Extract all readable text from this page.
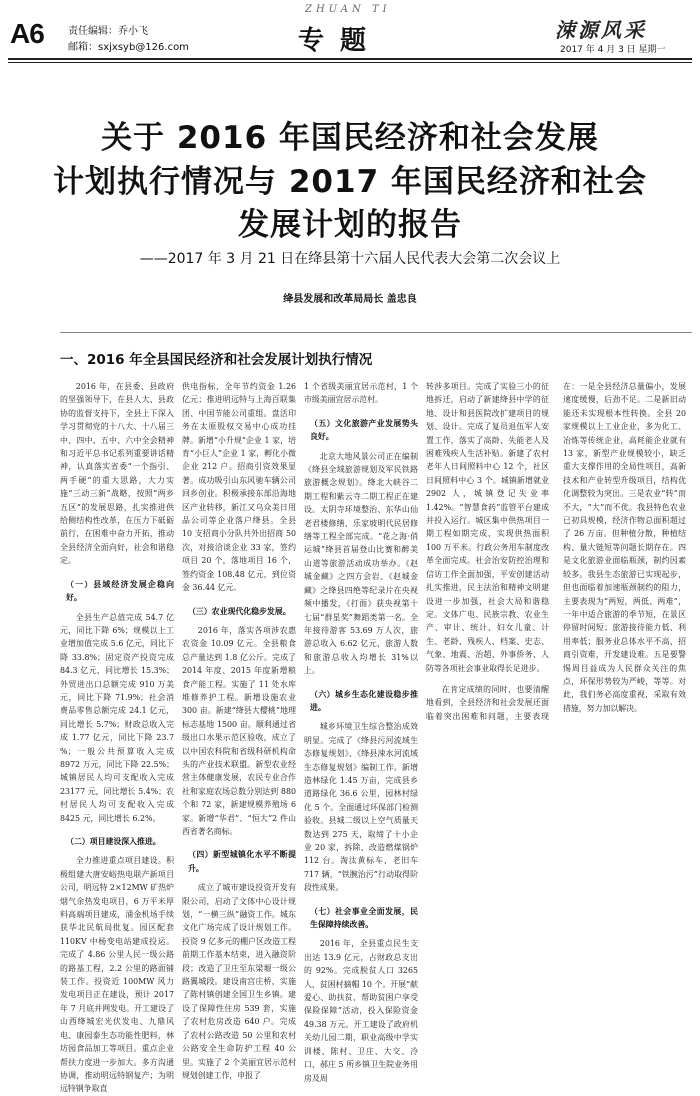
A6 责任编辑：乔小飞
邮箱：sxjxsyb@126.com
ZHUAN TI
专题	涑源风采
2017 年 4 月 3 日 星期一
关于 2016 年国民经济和社会发展
计划执行情况与 2017 年国民经济和社会
发展计划的报告
——2017 年 3 月 21 日在绛县第十六届人民代表大会第二次会议上
绛县发展和改革局局长 盖忠良
一、2016 年全县国民经济和社会发展计划执行情况

2016 年，在县委、县政府的坚强领导下，在县人大、县政协的监督支持下，全县上下深入学习贯彻党的十八大、十八届三中、四中、五中、六中全会精神和习近平总书记系列重要讲话精神，认真落实省委“一个指引、两手硬”的重大思路，大力实施“三动三新”战略，按照“两乡五区”的发展思路，扎实推进供给侧结构性改革，在压力下砥砺前行，在困难中奋力开拓，推动全县经济全面向好，社会和谐稳定。

（一）县域经济发展企稳向好。

全县生产总值完成 54.7 亿元，同比下降 6%；规模以上工业增加值完成 5.6 亿元，同比下降 33.8%；固定资产投资完成 84.3 亿元，同比增长 15.3%；外贸进出口总额完成 910 万美元，同比下降 71.9%；社会消费品零售总额完成 24.1 亿元，同比增长 5.7%；财政总收入完成 1.77 亿元，同比下降 23.7 %；一般公共预算收入完成 8972 万元，同比下降 22.5%；城镇居民人均可支配收入完成 23177 元，同比增长 5.4%；农村居民人均可支配收入完成 8425 元，同比增长 6.2%。

（二）项目建设深入推进。

全力推进重点项目建设。积极组建大唐安峪热电联产新项目公司，明远特 2×12MW 矿热炉烟气余热发电项目，6 万平米厚料高端项目建成，涌金机场手续获华北民航局批复。园区配套 110KV 中杨变电站建成投运。完成了 4.86 公里人民一级公路的路基工程，2.2 公里的路面铺装工作。投资近 100MW 风力发电项目正在建设，预计 2017 年 7 月底并网发电。开工建设了山西绛城宏光伏发电、九鼎风电、康园泰生态功能性肥料，林坊园食品加工等项目。重点企业帮扶力度进一步加大。多方沟通协调，推动明远特钢复产；为明远特钢争取直

供电指标，全年节约资金 1.26 亿元；推进明远特与上海百联集团、中国节能公司重组。盘活印务在太原股权交易中心成功挂牌。新增“小升规”企业 1 家，培育“小巨人”企业 1 家，孵化小微企业 212 户。招商引资效果显著。成功吸引山东风驰车辆公司回乡创业。积极承接东部沿海地区产业转移，新江又乌众美日用品公司等企业落户绛县。全县 10 支招商小分队共外出招商 50 次，对接洽谈企业 33 家，签约项目 20 个，落地项目 16 个，签约资金 108.48 亿元，到位资金 36.44 亿元。

（三）农业现代化稳步发展。

2016 年，落实各项涉农惠农资金 10.09 亿元。全县粮食总产量达到 1.8 亿公斤。完成了 2014 年度、2015 年度新增粮食产能工程。实施了 11 处水库堆修养护工程。新增设施农业 300 亩。新建“绛县大樱桃”地理标志基地 1500 亩。顺利通过省级出口水果示范区验收，成立了以中国农科院和省级科研机构命头的产业技术联盟。新型农业经营主体健康发展，农民专业合作社和家庭农场总数分别达到 880 个和 72 家，新建规模养殖场 6 家。新增“华君”、“恒大”2 件山西省著名商标。

（四）新型城镇化水平不断提升。

成立了城市建设投资开发有限公司，启动了文体中心设计规划，“一横三纵”融资工作。城东文化广场完成了设计规划工作。投资 9 亿多元的棚户区改造工程前期工作基本结束，进入融资阶段；改造了卫庄至东梁塬一级公路翼城段。建设南宫庄桥，实施了陈村镇创建全国卫生乡镇。建设了保障性住房 539 套，实施了农村危房改造 640 户。完成了农村公路改造 50 公里和农村公路安全生命防护工程 40 公里。实施了 2 个美丽宜居示范村规划创建工作，申报了

1 个省级美丽宜居示范村，1 个市级美丽宜居示范村。

（五）文化旅游产业发展势头良好。

北京大地风景公司正在编制《绛县全域旅游规划及军民铁路旅游概念规划》。绛北大峡谷二期工程和紫云寺二期工程正在建设。太阴寺环境整治、东华山仙老君楼修缮、乐家坡明代民居修缮等工程全部完成。“花之海·俏运城”绛县首届登山比赛和醉美山道等旅游活动成功举办。《赵城金藏》之四方会岩、《赵城金藏》之绛县四绝等纪录片在央视频中播发，《打面》获央视第十七届“群星奖”舞蹈类第一名。全年接待游客 53.69 万人次，旅游总收入 6.62 亿元，旅游人数和旅游总收入均增长 31%以上。

（六）城乡生态化建设稳步推进。

城乡环境卫生综合整治成效明显。完成了《绛县污河流域生态修复规划》、《绛县涑水河流域生态修复规划》编制工作。新增造林绿化 1.45 万亩，完成县乡道路绿化 36.6 公里，园林村绿化 5 个。全面通过环保部门检测验收。县城二级以上空气质量天数达到 275 天，取缔了十小企业 20 家，拆除、改造燃煤锅炉 112 台。淘汰黄标车、老旧车 717 辆，“铁腕治污”行动取得阶段性成果。

（七）社会事业全面发展，民生保障持续改善。

2016 年，全县重点民生支出达 13.9 亿元，占财政总支出的 92%。完成脱贫人口 3265 人，贫困村摘帽 10 个。开展“献爱心、助扶贫，帮助贫困户享受保险保障”活动，投入保险资金 49.38 万元。开工建设了政府机关幼儿园二期，职业高级中学实训楼、陈村、卫庄、大交、冷口，郝庄 5 所乡镇卫生院业务用房及周

转涉多项目。完成了实验三小的征地拆迁，启动了新建绛县中学的征地、设计和县医院改扩建项目的规划、设计。完成了复员退伍军人安置工作，落实了高龄、失能老人及困难残疾人生活补贴。新建了农村老年人日间照料中心 12 个，社区日间照料中心 3 个。城镇新增就业 2902 人，城镇登记失业率 1.42%。“智慧食药”监管平台建成并投入运行。城区集中供热项目一期工程如期完成，实现供热面积 100 万平米。行政公务用车制度改革全面完成。社会治安防控治理和信访工作全面加强，平安创建活动扎实推进，民主法治和精神文明建设进一步加强，社会大局和谐稳定。文体广电、民族宗教、农业生产、审计、统计、妇女儿童、计生、老龄、残疾人、档案、史志、气象、地震、治超、外事侨务、人防等各项社会事业取得长足进步。

在肯定成绩的同时，也要清醒地看到，全县经济和社会发展还面临着突出困难和问题，主要表现在：一是全县经济总量偏小，发展速度缓慢，后劲不足。二是新旧动能还未实现根本性转换。全县 20 家规模以上工业企业，多为化工、冶炼等传统企业，高耗能企业就有 13 家，新型产业规模较小，缺乏重大支撑作用的全局性项目，高新技术和产业转型升级项目，结构优化调整较为突出。三是农业“转”而不大，“大”而不优。我县特色农业已初具规模，经济作物总面积超过了 26 万亩。但种植分散，种植结构、量大链短等问题长期存在。四是文化旅游业面临瓶颈，制约因素较多。我县生态旅游已实现起步，但也面临着加速瓶颈制约的阻力，主要表现为“两短，两低、两难”，一年中适合旅游的季节短，在景区停留时间短；旅游接待能力低、利用率低；服务业总体水平不高，招商引资难，开发建设难。五是要警惕周目益成为人民群众关注的焦点，环保形势较为严峻，等等。对此，我们务必高度重视，采取有效措施，努力加以解决。
